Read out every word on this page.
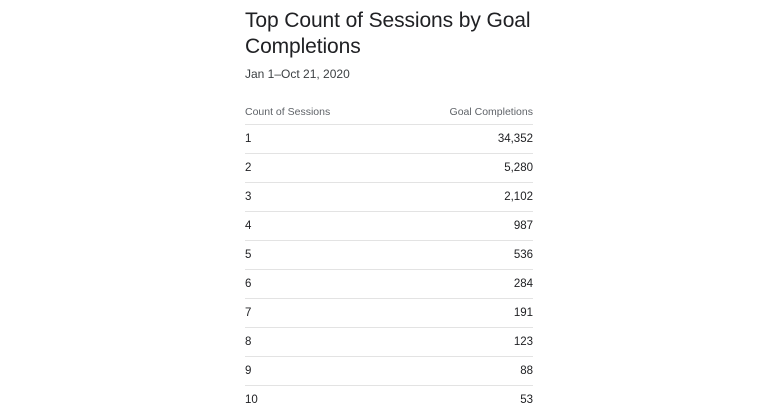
Top Count of Sessions by Goal Completions
Jan 1–Oct 21, 2020
Count of Sessions	Goal Completions
1	34,352
2	5,280
3	2,102
4	987
5	536
6	284
7	191
8	123
9	88
10	53
